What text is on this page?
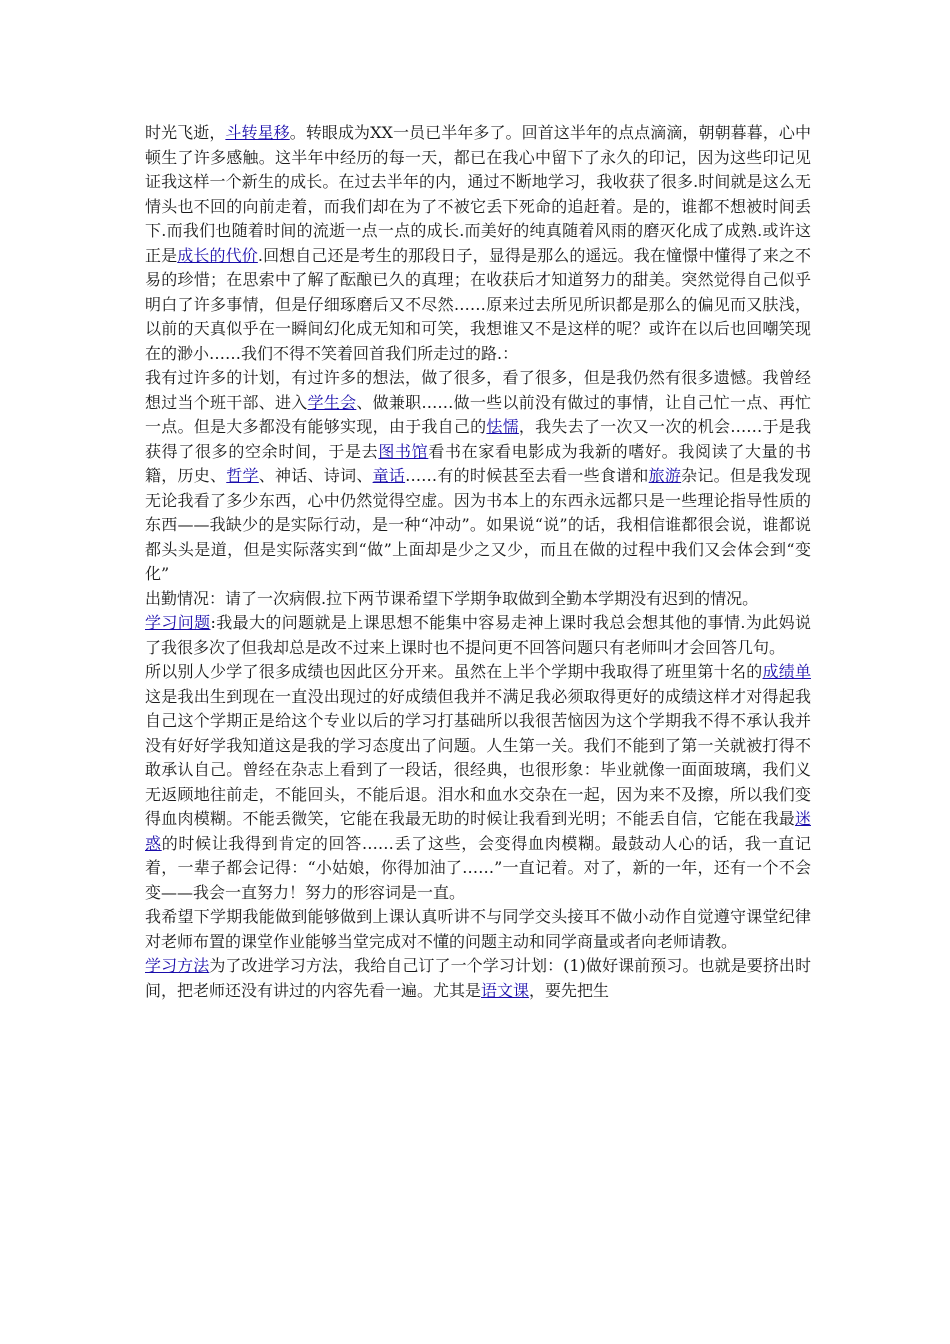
时光飞逝，斗转星移。转眼成为XX一员已半年多了。回首这半年的点点滴滴，朝朝暮暮，心中顿生了许多感触。这半年中经历的每一天，都已在我心中留下了永久的印记，因为这些印记见证我这样一个新生的成长。在过去半年的内，通过不断地学习，我收获了很多.时间就是这么无情头也不回的向前走着，而我们却在为了不被它丢下死命的追赶着。是的，谁都不想被时间丢下.而我们也随着时间的流逝一点一点的成长.而美好的纯真随着风雨的磨灭化成了成熟.或许这正是成长的代价.回想自己还是考生的那段日子，显得是那么的遥远。我在憧憬中懂得了来之不易的珍惜；在思索中了解了酝酿已久的真理；在收获后才知道努力的甜美。突然觉得自己似乎明白了许多事情，但是仔细琢磨后又不尽然……原来过去所见所识都是那么的偏见而又肤浅，以前的天真似乎在一瞬间幻化成无知和可笑，我想谁又不是这样的呢？或许在以后也回嘲笑现在的渺小……我们不得不笑着回首我们所走过的路.：

我有过许多的计划，有过许多的想法，做了很多，看了很多，但是我仍然有很多遗憾。我曾经想过当个班干部、进入学生会、做兼职……做一些以前没有做过的事情，让自己忙一点、再忙一点。但是大多都没有能够实现，由于我自己的怯懦，我失去了一次又一次的机会……于是我获得了很多的空余时间，于是去图书馆看书在家看电影成为我新的嗜好。我阅读了大量的书籍，历史、哲学、神话、诗词、童话……有的时候甚至去看一些食谱和旅游杂记。但是我发现无论我看了多少东西，心中仍然觉得空虚。因为书本上的东西永远都只是一些理论指导性质的东西——我缺少的是实际行动，是一种“冲动”。如果说“说”的话，我相信谁都很会说，谁都说都头头是道，但是实际落实到“做”上面却是少之又少，而且在做的过程中我们又会体会到“变化”

出勤情况：请了一次病假.拉下两节课希望下学期争取做到全勤本学期没有迟到的情况。

学习问题:我最大的问题就是上课思想不能集中容易走神上课时我总会想其他的事情.为此妈说了我很多次了但我却总是改不过来上课时也不提问更不回答问题只有老师叫才会回答几句。

所以别人少学了很多成绩也因此区分开来。虽然在上半个学期中我取得了班里第十名的成绩单这是我出生到现在一直没出现过的好成绩但我并不满足我必须取得更好的成绩这样才对得起我自己这个学期正是给这个专业以后的学习打基础所以我很苦恼因为这个学期我不得不承认我并没有好好学我知道这是我的学习态度出了问题。人生第一关。我们不能到了第一关就被打得不敢承认自己。曾经在杂志上看到了一段话，很经典，也很形象：毕业就像一面面玻璃，我们义无返顾地往前走，不能回头，不能后退。泪水和血水交杂在一起，因为来不及擦，所以我们变得血肉模糊。不能丢微笑，它能在我最无助的时候让我看到光明；不能丢自信，它能在我最迷惑的时候让我得到肯定的回答……丢了这些，会变得血肉模糊。最鼓动人心的话，我一直记着，一辈子都会记得：“小姑娘，你得加油了……”一直记着。对了，新的一年，还有一个不会变——我会一直努力！努力的形容词是一直。

我希望下学期我能做到能够做到上课认真听讲不与同学交头接耳不做小动作自觉遵守课堂纪律对老师布置的课堂作业能够当堂完成对不懂的问题主动和同学商量或者向老师请教。

学习方法为了改进学习方法，我给自己订了一个学习计划：(1)做好课前预习。也就是要挤出时间，把老师还没有讲过的内容先看一遍。尤其是语文课，要先把生
